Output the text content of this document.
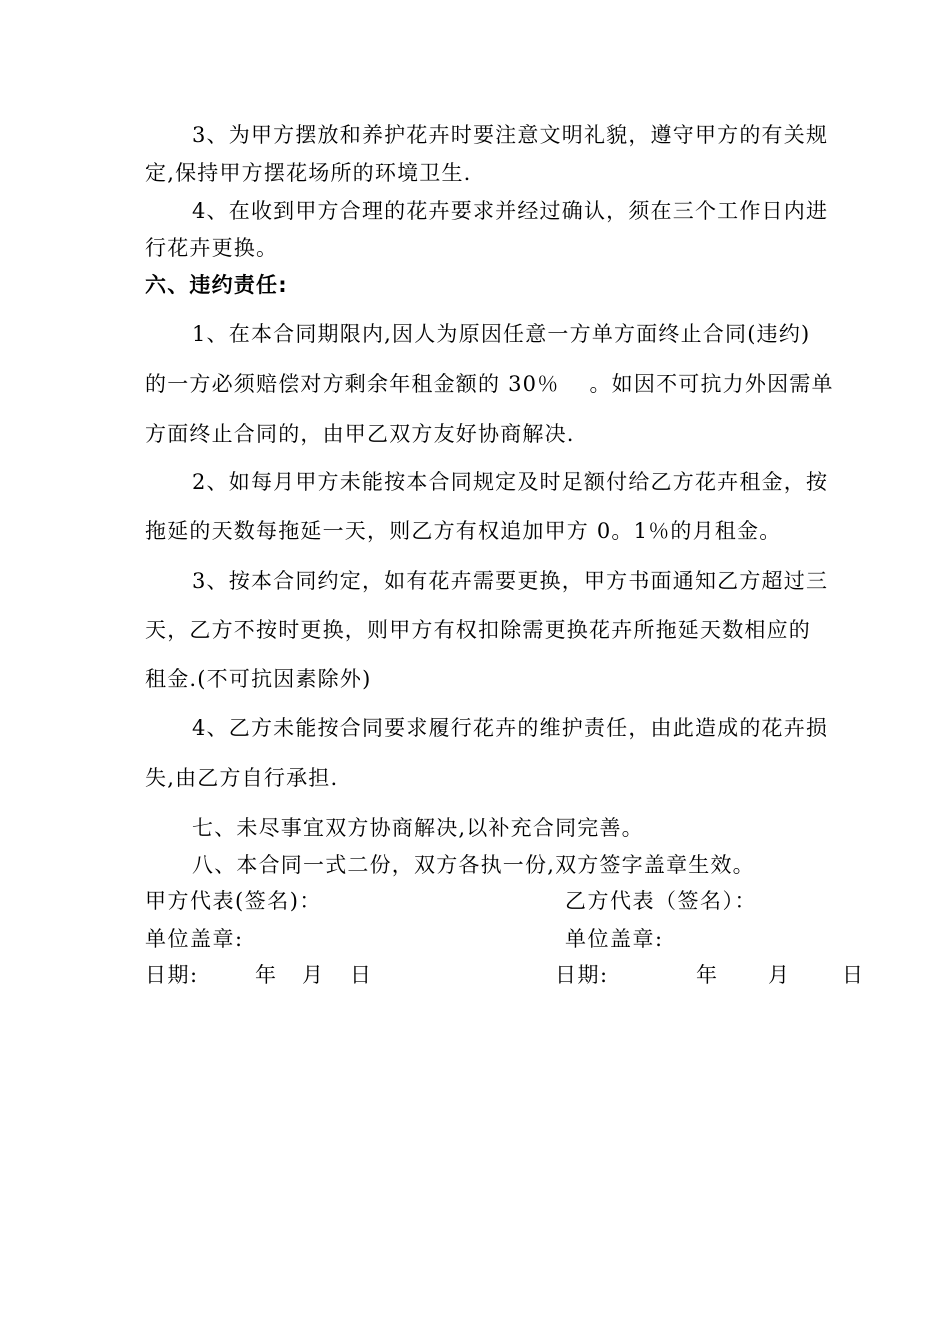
3、为甲方摆放和养护花卉时要注意文明礼貌，遵守甲方的有关规
定,保持甲方摆花场所的环境卫生.
4、在收到甲方合理的花卉要求并经过确认，须在三个工作日内进
行花卉更换。
六、违约责任:
1、在本合同期限内,因人为原因任意一方单方面终止合同(违约)
的一方必须赔偿对方剩余年租金额的 30％　 。如因不可抗力外因需单
方面终止合同的，由甲乙双方友好协商解决.
2、如每月甲方未能按本合同规定及时足额付给乙方花卉租金，按
拖延的天数每拖延一天，则乙方有权追加甲方 0。1％的月租金。
3、按本合同约定，如有花卉需要更换，甲方书面通知乙方超过三
天，乙方不按时更换，则甲方有权扣除需更换花卉所拖延天数相应的
租金.(不可抗因素除外)
4、乙方未能按合同要求履行花卉的维护责任，由此造成的花卉损
失,由乙方自行承担.
七、未尽事宜双方协商解决,以补充合同完善。
八、本合同一式二份，双方各执一份,双方签字盖章生效。
甲方代表(签名)：	乙方代表（签名）：
单位盖章:	单位盖章:
日期:	年 月 日	日期:	年 月 日
